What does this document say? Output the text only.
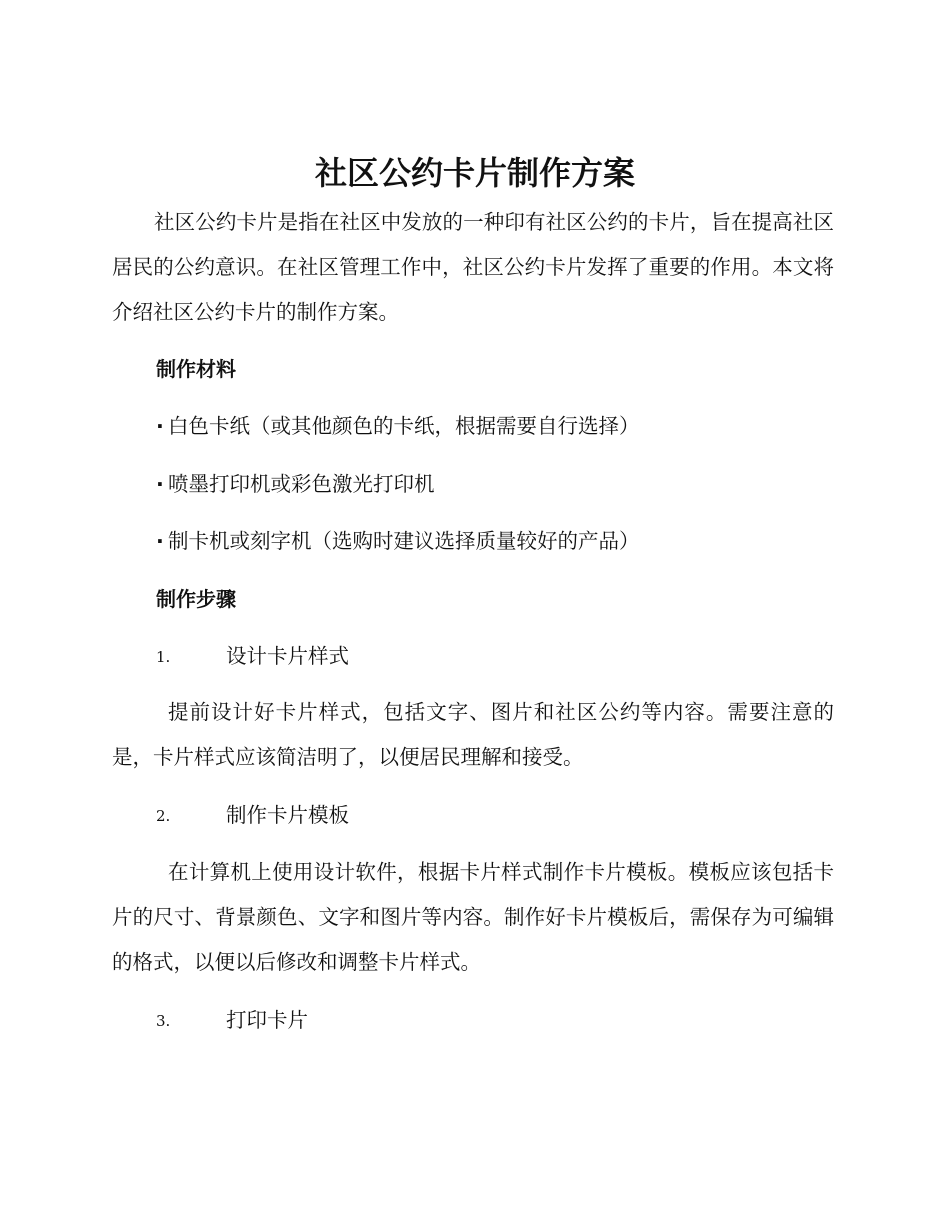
社区公约卡片制作方案

社区公约卡片是指在社区中发放的一种印有社区公约的卡片，旨在提高社区居民的公约意识。在社区管理工作中，社区公约卡片发挥了重要的作用。本文将介绍社区公约卡片的制作方案。

制作材料
· 白色卡纸（或其他颜色的卡纸，根据需要自行选择）
· 喷墨打印机或彩色激光打印机
· 制卡机或刻字机（选购时建议选择质量较好的产品）
制作步骤
1.	设计卡片样式

提前设计好卡片样式，包括文字、图片和社区公约等内容。需要注意的是，卡片样式应该简洁明了，以便居民理解和接受。

2.	制作卡片模板

在计算机上使用设计软件，根据卡片样式制作卡片模板。模板应该包括卡片的尺寸、背景颜色、文字和图片等内容。制作好卡片模板后，需保存为可编辑的格式，以便以后修改和调整卡片样式。

3.	打印卡片
